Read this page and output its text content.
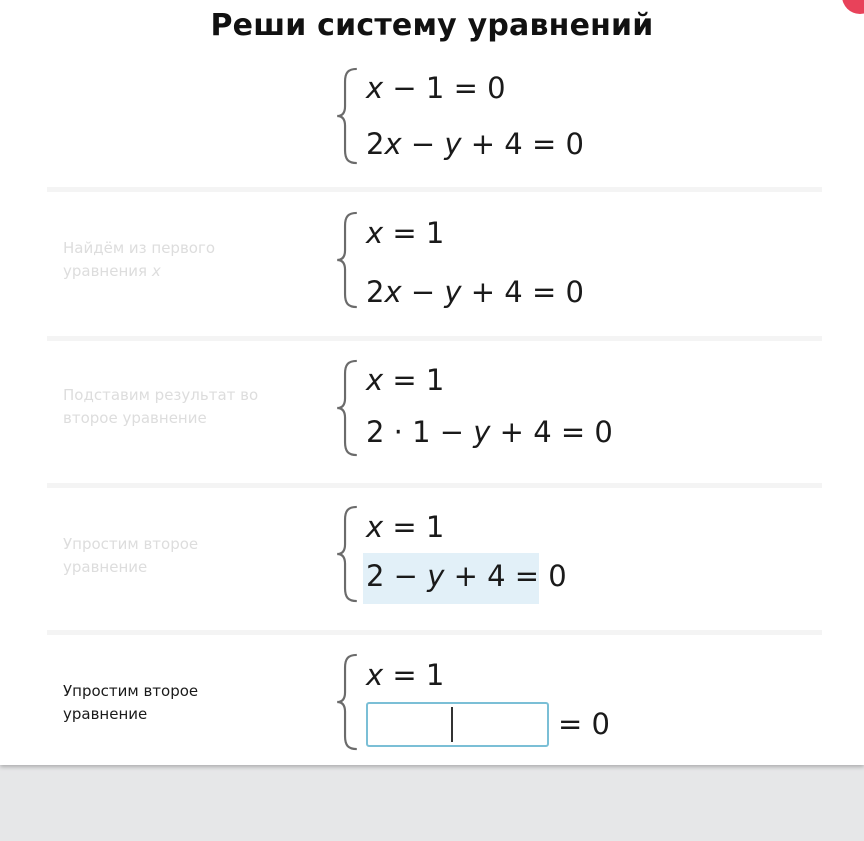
Реши систему уравнений
x − 1 = 0
2x − y + 4 = 0
Найдём из первого
уравнения x
x = 1
2x − y + 4 = 0
Подставим результат во
второе уравнение
x = 1
2 · 1 − y + 4 = 0
Упростим второе
уравнение
x = 1
2 − y + 4 = 0
Упростим второе
уравнение
x = 1
= 0
